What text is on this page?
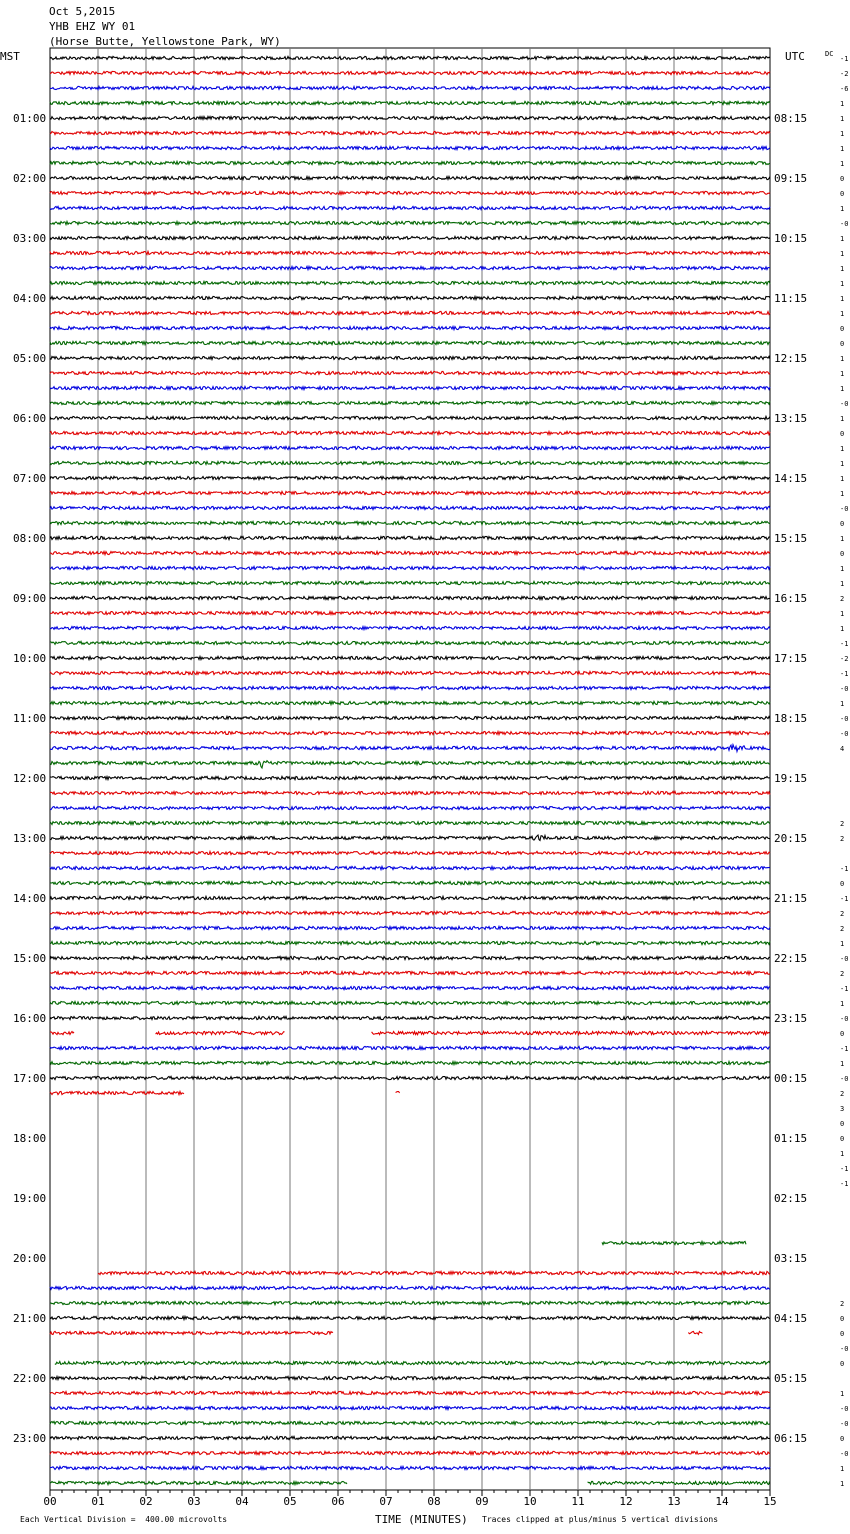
Oct 5,2015
YHB EHZ WY 01
(Horse Butte, Yellowstone Park, WY)
MST	UTC	DC
-1
-2
-6
1
1
1
1
1
0
0
1
-0
1
1
1
1
1
1
0
0
1
1
1
-0
1
0
1
1
1
1
-0
0
1
0
1
1
2
1
1
-1
-2
-1
-0
1
-0
-0
4
2
2
-1
0
-1
2
2
1
-0
2
-1
1
-0
0
-1
1
-0
2
3
0
0
1
-1
-1
2
0
0
-0
0
1
-0
-0
0
-0
1
1
01:00	08:15
02:00	09:15
03:00	10:15
04:00	11:15
05:00	12:15
06:00	13:15
07:00	14:15
08:00	15:15
09:00	16:15
10:00	17:15
11:00	18:15
12:00	19:15
13:00	20:15
14:00	21:15
15:00	22:15
16:00	23:15
17:00	00:15
18:00	01:15
19:00	02:15
20:00	03:15
21:00	04:15
22:00	05:15
23:00	06:15
00	01	02	03	04	05	06	07	08	09	10	11	12	13	14	15
TIME (MINUTES)
Each Vertical Division =  400.00 microvolts	Traces clipped at plus/minus 5 vertical divisions
